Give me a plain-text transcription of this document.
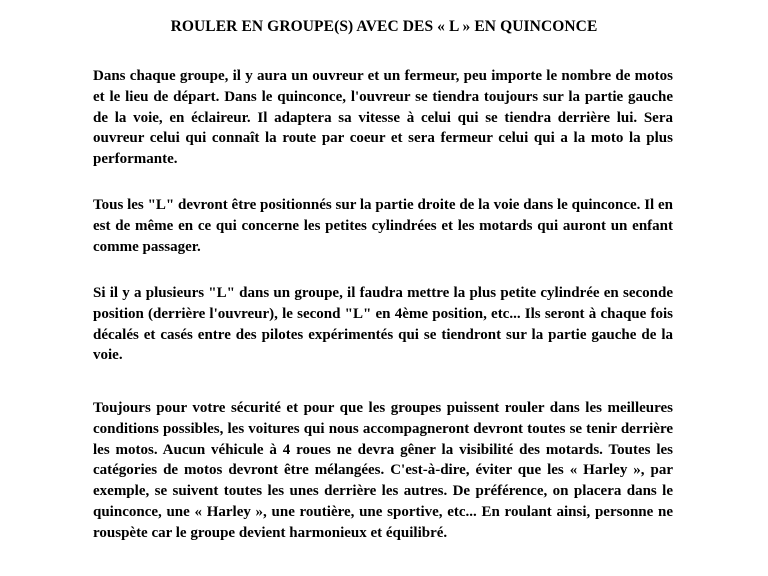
ROULER EN GROUPE(S) AVEC DES « L » EN QUINCONCE

Dans chaque groupe, il y aura un ouvreur et un fermeur, peu importe le nombre de motos et le lieu de départ. Dans le quinconce, l'ouvreur se tiendra toujours sur la partie gauche de la voie, en éclaireur. Il adaptera sa vitesse à celui qui se tiendra derrière lui. Sera ouvreur celui qui connaît la route par coeur et sera fermeur celui qui a la moto la plus performante.

Tous les "L" devront être positionnés sur la partie droite de la voie dans le quinconce. Il en est de même en ce qui concerne les petites cylindrées et les motards qui auront un enfant comme passager.

Si il y a plusieurs "L" dans un groupe, il faudra mettre la plus petite cylindrée en seconde position (derrière l'ouvreur), le second "L" en 4ème position, etc... Ils seront à chaque fois décalés et casés entre des pilotes expérimentés qui se tiendront sur la partie gauche de la voie.

Toujours pour votre sécurité et pour que les groupes puissent rouler dans les meilleures conditions possibles, les voitures qui nous accompagneront devront toutes se tenir derrière les motos. Aucun véhicule à 4 roues ne devra gêner la visibilité des motards. Toutes les catégories de motos devront être mélangées. C'est-à-dire, éviter que les « Harley », par exemple, se suivent toutes les unes derrière les autres. De préférence, on placera dans le quinconce, une « Harley », une routière, une sportive, etc... En roulant ainsi, personne ne rouspète car le groupe devient harmonieux et équilibré.
